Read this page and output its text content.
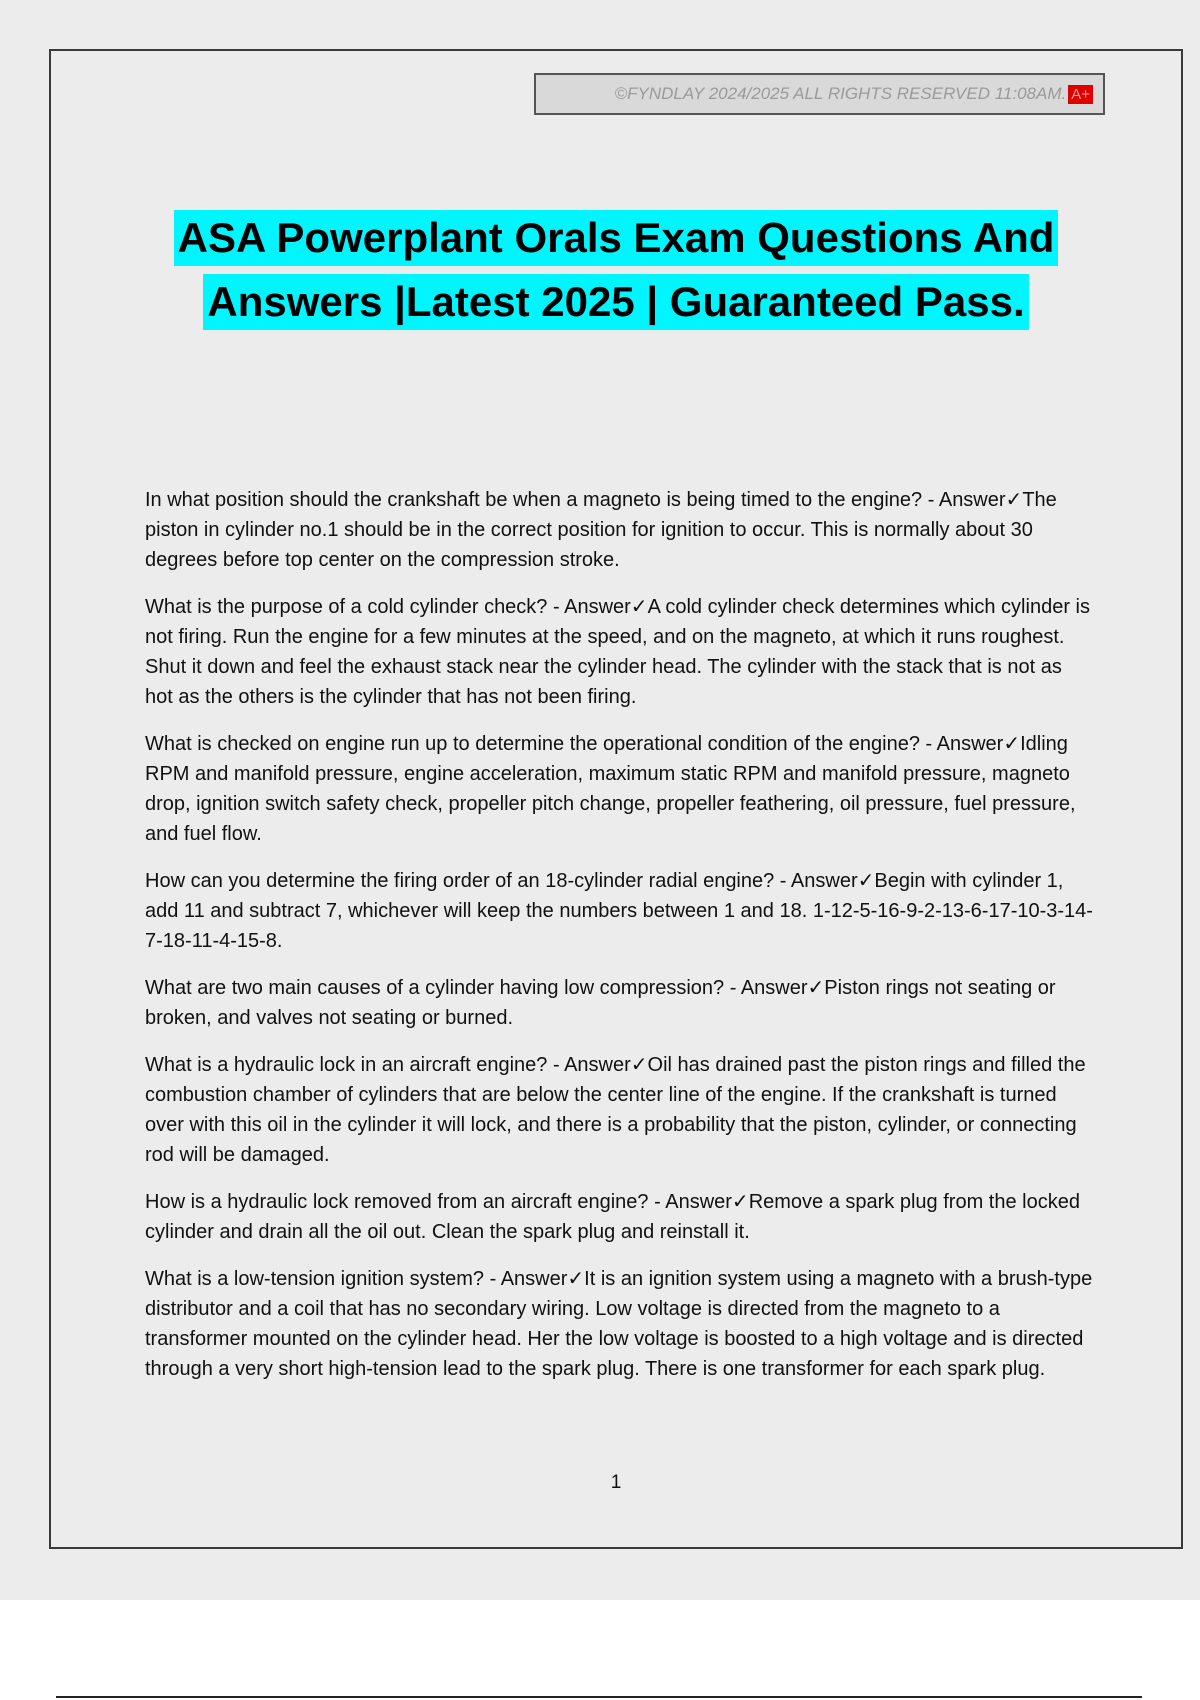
©FYNDLAY 2024/2025 ALL RIGHTS RESERVED 11:08AM. A+
ASA Powerplant Orals Exam Questions And
Answers |Latest 2025 | Guaranteed Pass.

In what position should the crankshaft be when a magneto is being timed to the engine? - Answer✓The piston in cylinder no.1 should be in the correct position for ignition to occur. This is normally about 30 degrees before top center on the compression stroke.

What is the purpose of a cold cylinder check? - Answer✓A cold cylinder check determines which cylinder is not firing. Run the engine for a few minutes at the speed, and on the magneto, at which it runs roughest. Shut it down and feel the exhaust stack near the cylinder head. The cylinder with the stack that is not as hot as the others is the cylinder that has not been firing.

What is checked on engine run up to determine the operational condition of the engine? - Answer✓Idling RPM and manifold pressure, engine acceleration, maximum static RPM and manifold pressure, magneto drop, ignition switch safety check, propeller pitch change, propeller feathering, oil pressure, fuel pressure, and fuel flow.

How can you determine the firing order of an 18-cylinder radial engine? - Answer✓Begin with cylinder 1, add 11 and subtract 7, whichever will keep the numbers between 1 and 18. 1-12-5-16-9-2-13-6-17-10-3-14-7-18-11-4-15-8.

What are two main causes of a cylinder having low compression? - Answer✓Piston rings not seating or broken, and valves not seating or burned.

What is a hydraulic lock in an aircraft engine? - Answer✓Oil has drained past the piston rings and filled the combustion chamber of cylinders that are below the center line of the engine. If the crankshaft is turned over with this oil in the cylinder it will lock, and there is a probability that the piston, cylinder, or connecting rod will be damaged.

How is a hydraulic lock removed from an aircraft engine? - Answer✓Remove a spark plug from the locked cylinder and drain all the oil out. Clean the spark plug and reinstall it.

What is a low-tension ignition system? - Answer✓It is an ignition system using a magneto with a brush-type distributor and a coil that has no secondary wiring. Low voltage is directed from the magneto to a transformer mounted on the cylinder head. Her the low voltage is boosted to a high voltage and is directed through a very short high-tension lead to the spark plug. There is one transformer for each spark plug.

1
